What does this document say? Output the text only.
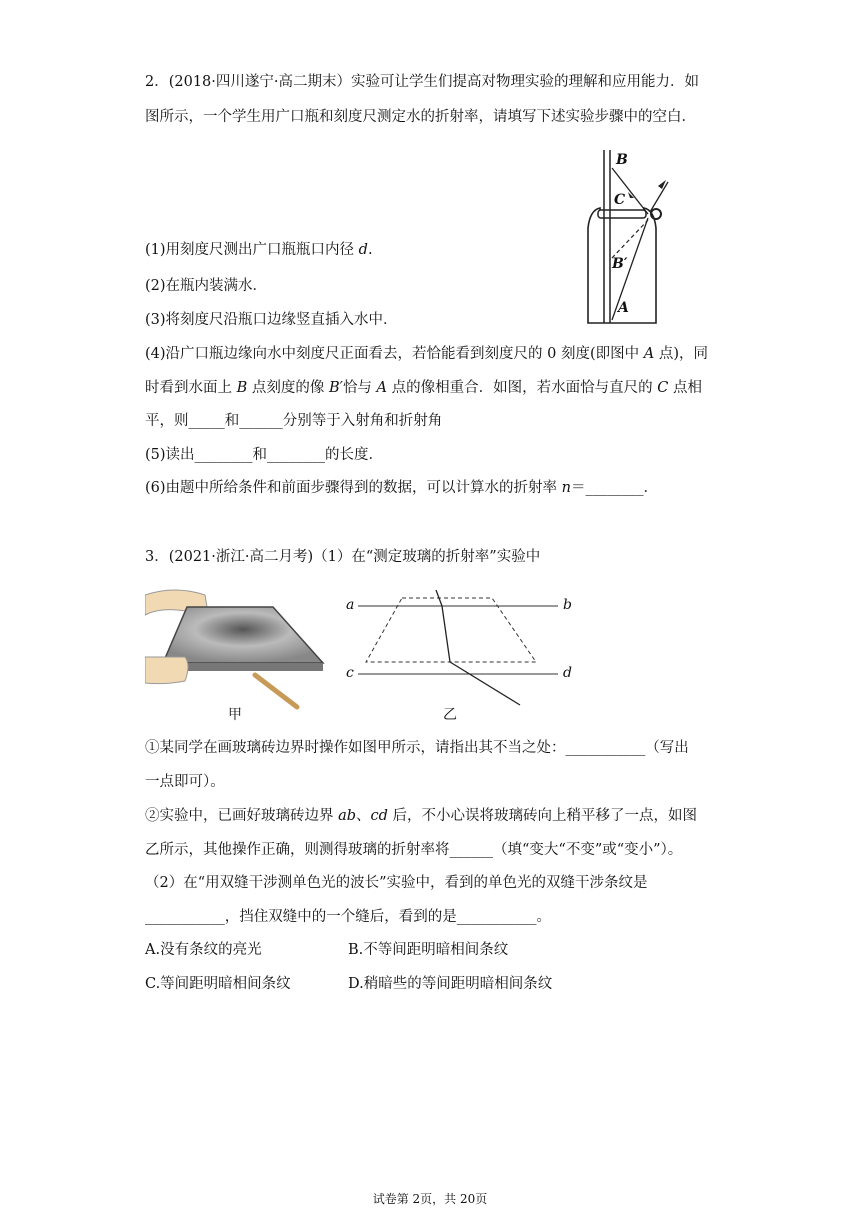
2．(2018·四川遂宁·高二期末）实验可让学生们提高对物理实验的理解和应用能力．如
图所示，一个学生用广口瓶和刻度尺测定水的折射率，请填写下述实验步骤中的空白．
B
C
B′
A
(1)用刻度尺测出广口瓶瓶口内径 d.
(2)在瓶内装满水．
(3)将刻度尺沿瓶口边缘竖直插入水中．
(4)沿广口瓶边缘向水中刻度尺正面看去，若恰能看到刻度尺的 0 刻度(即图中 A 点)，同
时看到水面上 B 点刻度的像 B′恰与 A 点的像相重合．如图，若水面恰与直尺的 C 点相
平，则_____和______分别等于入射角和折射角
(5)读出________和________的长度．
(6)由题中所给条件和前面步骤得到的数据，可以计算水的折射率 n＝________．
3．(2021·浙江·高二月考)（1）在“测定玻璃的折射率”实验中
甲
a	b
c	d
乙
①某同学在画玻璃砖边界时操作如图甲所示，请指出其不当之处：___________（写出
一点即可）。
②实验中，已画好玻璃砖边界 ab、cd 后，不小心误将玻璃砖向上稍平移了一点，如图
乙所示，其他操作正确，则测得玻璃的折射率将______（填“变大“不变”或“变小”）。
（2）在“用双缝干涉测单色光的波长”实验中，看到的单色光的双缝干涉条纹是
___________，挡住双缝中的一个缝后，看到的是___________。
A.没有条纹的亮光	B.不等间距明暗相间条纹
C.等间距明暗相间条纹	D.稍暗些的等间距明暗相间条纹
试卷第 2页，共 20页
